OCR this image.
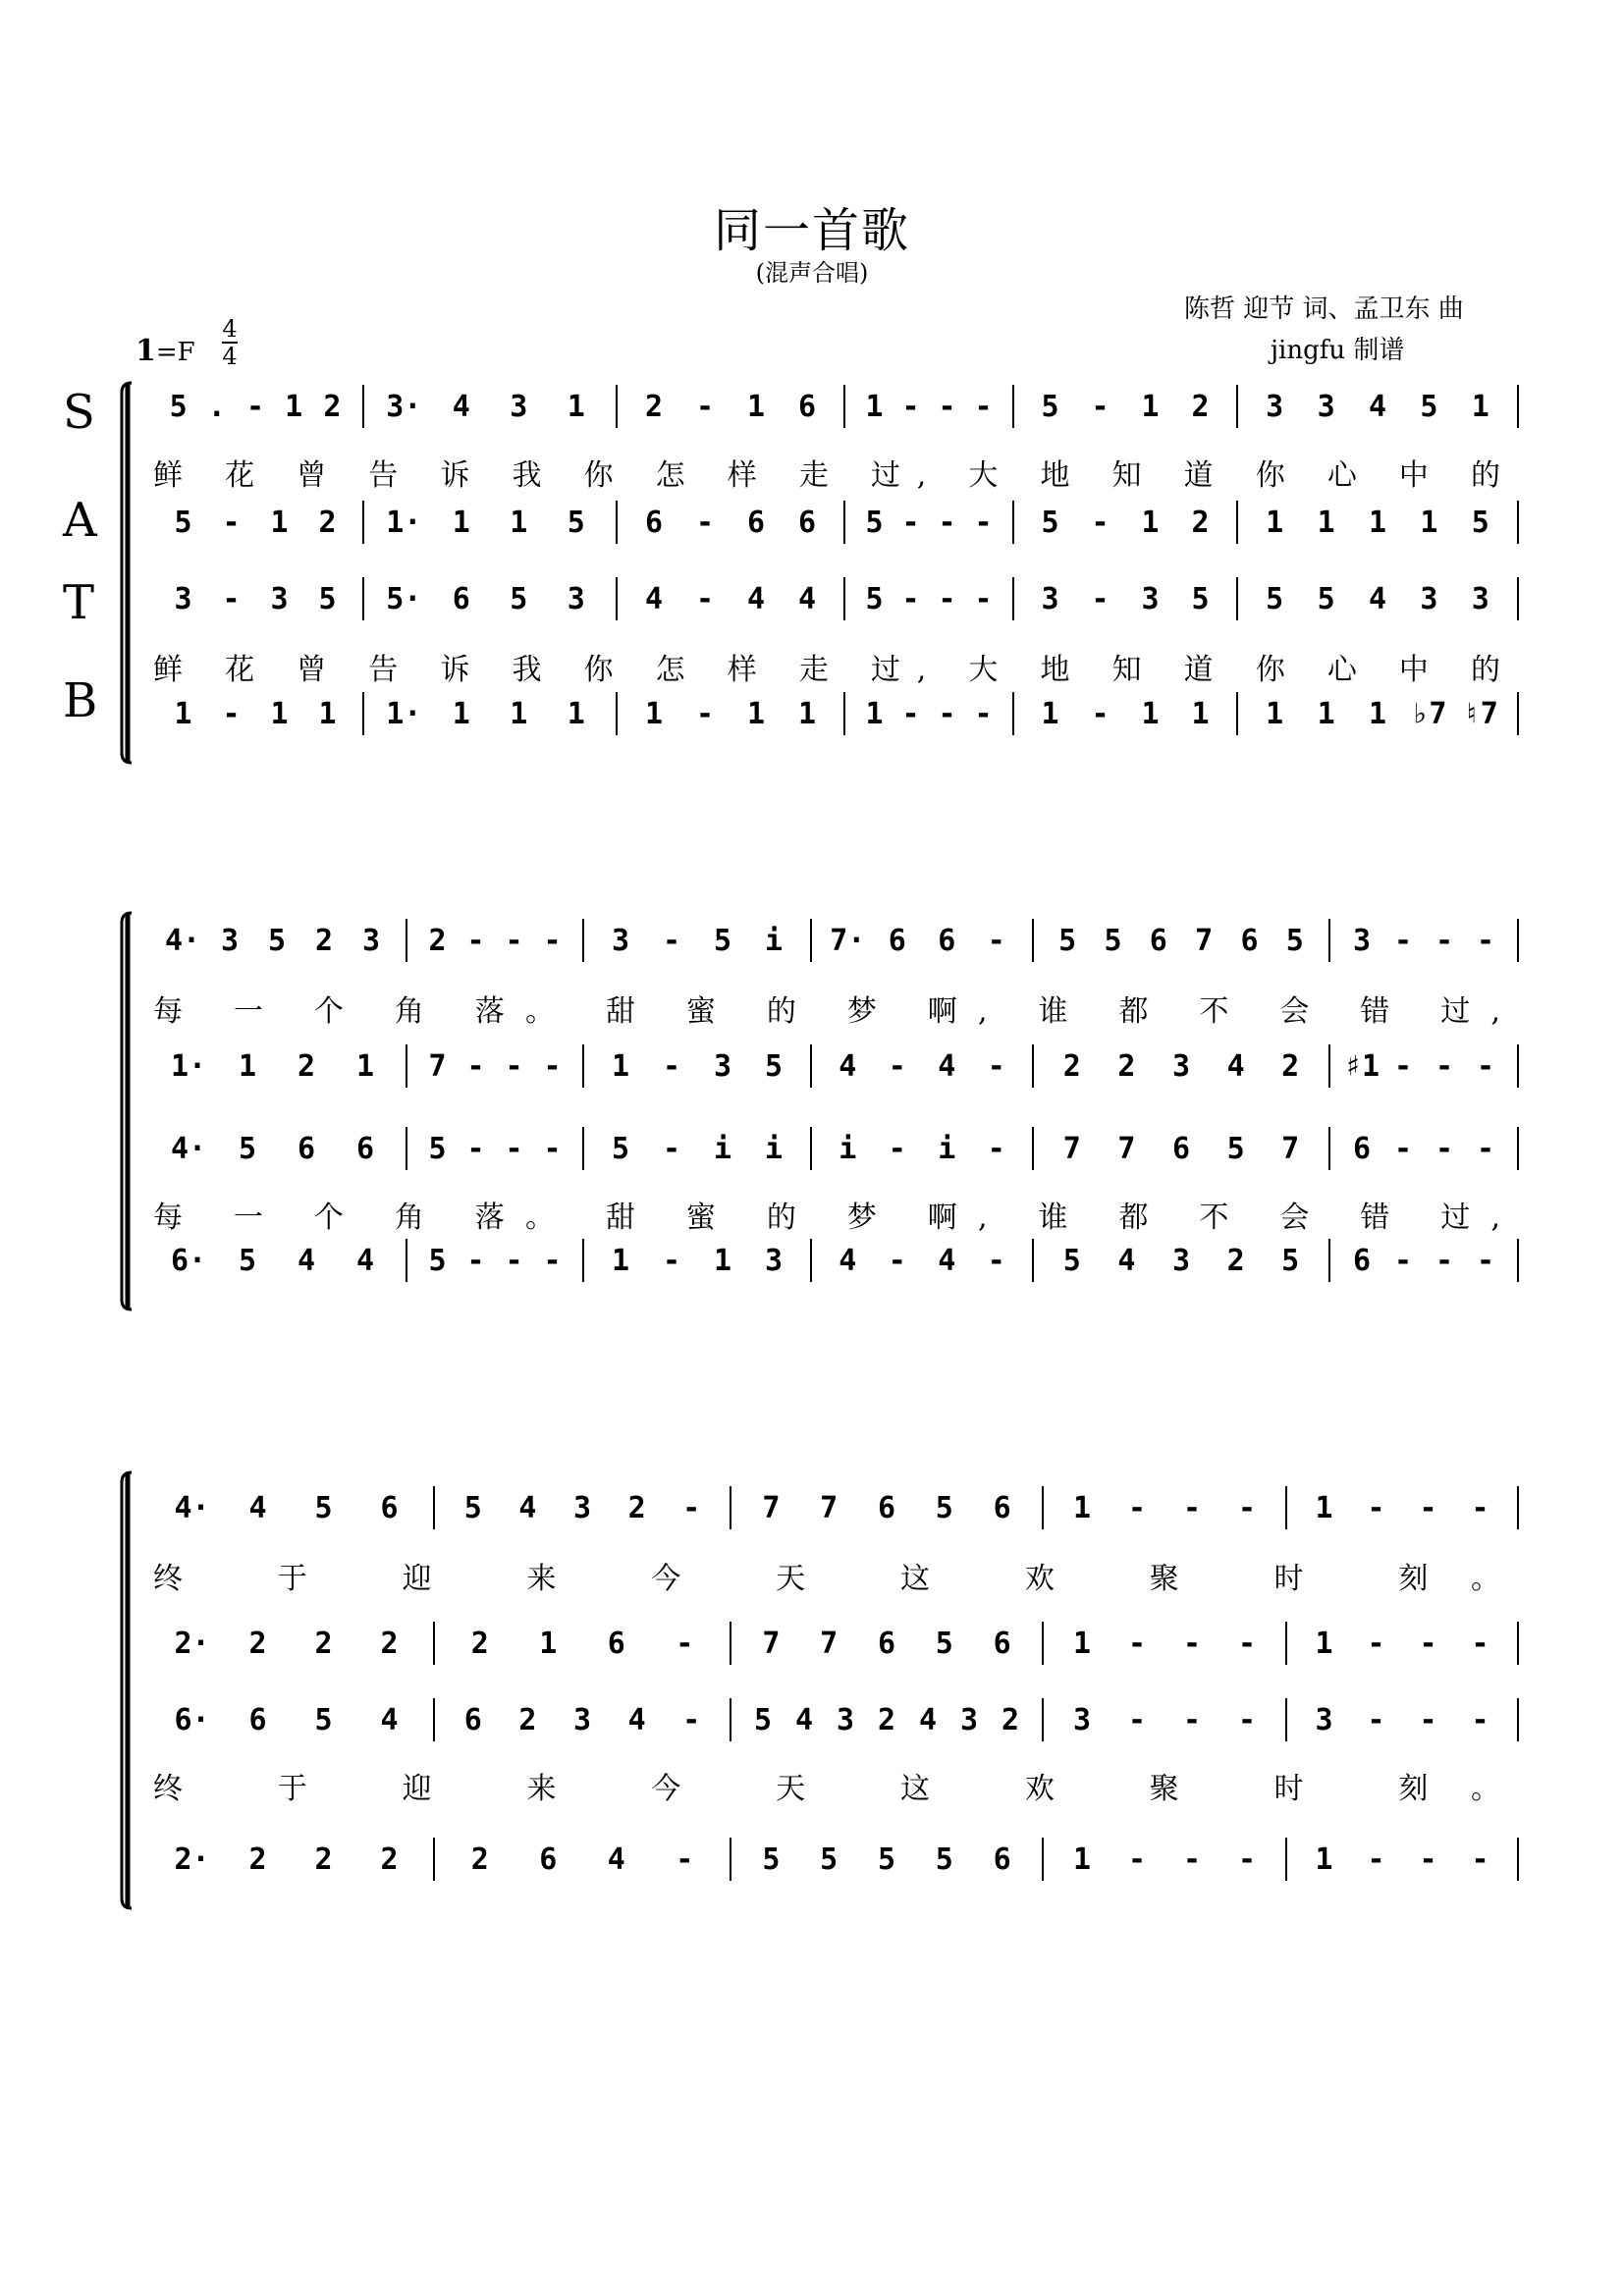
同一首歌
(混声合唱)
陈哲 迎节 词、孟卫东 曲
jingfu 制谱
1=F
4
4
S
A
T
B
5 . - 1 2 3· 4 3 1 2 - 1 6 1 - - - 5 - 1 2 3 3 4 5 1
5 - 1 2 1· 1 1 5 6 - 6 6 5 - - - 5 - 1 2 1 1 1 1 5
3 - 3 5 5· 6 5 3 4 - 4 4 5 - - - 3 - 3 5 5 5 4 3 3
1 - 1 1 1· 1 1 1 1 - 1 1 1 - - - 1 - 1 1 1 1 1 ♭7 ♮7
鲜 花 曾 告 诉 我 你 怎 样 走 过, 大 地 知 道 你 心 中 的
鲜 花 曾 告 诉 我 你 怎 样 走 过, 大 地 知 道 你 心 中 的
4· 3 5 2 3 2 - - - 3 - 5 i 7· 6 6 - 5 5 6 7 6 5 3 - - -
1· 1 2 1 7 - - - 1 - 3 5 4 - 4 - 2 2 3 4 2 ♯1 - - -
4· 5 6 6 5 - - - 5 - i i i - i - 7 7 6 5 7 6 - - -
6· 5 4 4 5 - - - 1 - 1 3 4 - 4 - 5 4 3 2 5 6 - - -
每 一 个 角 落。 甜 蜜 的 梦 啊, 谁 都 不 会 错 过,
每 一 个 角 落。 甜 蜜 的 梦 啊, 谁 都 不 会 错 过,
4· 4 5 6 5 4 3 2 - 7 7 6 5 6 1 - - - 1 - - -
2· 2 2 2 2 1 6 - 7 7 6 5 6 1 - - - 1 - - -
6· 6 5 4 6 2 3 4 - 5 4 3 2 4 3 2 3 - - - 3 - - -
2· 2 2 2 2 6 4 - 5 5 5 5 6 1 - - - 1 - - -
终 于 迎 来 今 天 这 欢 聚 时 刻。
终 于 迎 来 今 天 这 欢 聚 时 刻。
